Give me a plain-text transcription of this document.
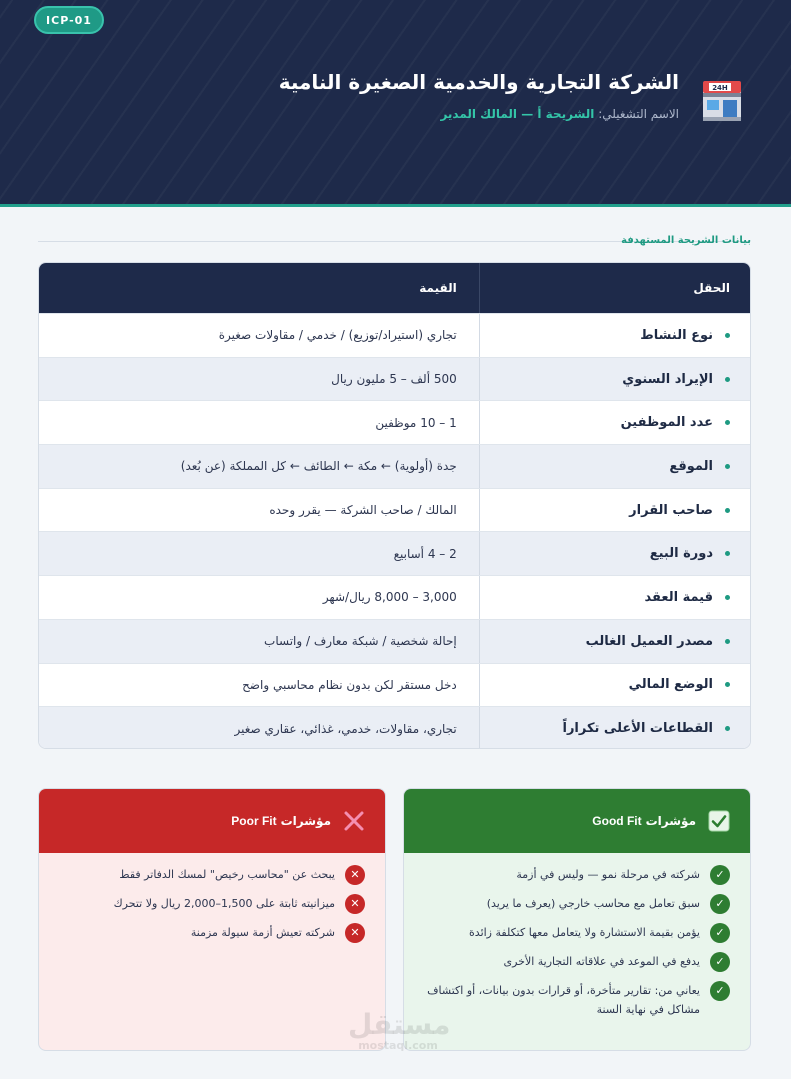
ICP-01
24H
الشركة التجارية والخدمية الصغيرة النامية
الاسم التشغيلي: الشريحة أ — المالك المدير
بيانات الشريحة المستهدفة
القيمة	الحقل
تجاري (استيراد/توزيع) / خدمي / مقاولات صغيرة	نوع النشاط
500 ألف – 5 مليون ريال	الإيراد السنوي
1 – 10 موظفين	عدد الموظفين
جدة (أولوية) ← مكة ← الطائف ← كل المملكة (عن بُعد)	الموقع
المالك / صاحب الشركة — يقرر وحده	صاحب القرار
2 – 4 أسابيع	دورة البيع
3,000 – 8,000 ريال/شهر	قيمة العقد
إحالة شخصية / شبكة معارف / واتساب	مصدر العميل الغالب
دخل مستقر لكن بدون نظام محاسبي واضح	الوضع المالي
تجاري، مقاولات، خدمي، غذائي، عقاري صغير	القطاعات الأعلى تكراراً
مؤشرات
Good Fit
✓
شركته في مرحلة نمو — وليس في أزمة
✓
سبق تعامل مع محاسب خارجي (يعرف ما يريد)
✓
يؤمن بقيمة الاستشارة ولا يتعامل معها كتكلفة زائدة
✓
يدفع في الموعد في علاقاته التجارية الأخرى
✓
يعاني من: تقارير متأخرة، أو قرارات بدون بيانات، أو اكتشاف مشاكل في نهاية السنة
مؤشرات
Poor Fit
✕
يبحث عن "محاسب رخيص" لمسك الدفاتر فقط
✕
ميزانيته ثابتة على 1,500–2,000 ريال ولا تتحرك
✕
شركته تعيش أزمة سيولة مزمنة
مستقل
mostaql.com
